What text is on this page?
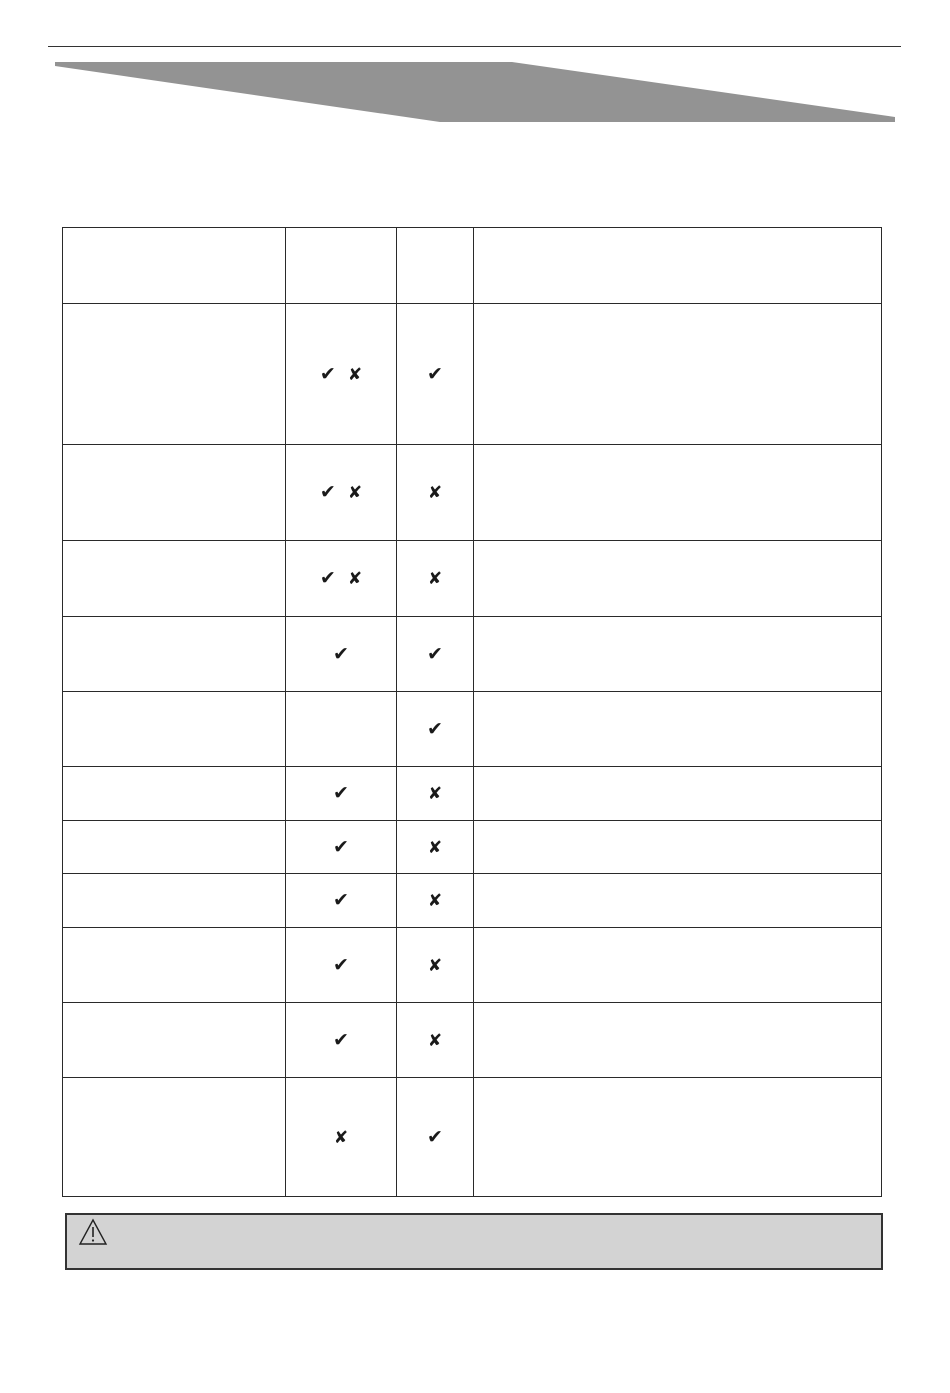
	✔ ✘	✔	
	✔ ✘	✘	
	✔ ✘	✘	
	✔	✔	
		✔	
	✔	✘	
	✔	✘	
	✔	✘	
	✔	✘	
	✔	✘	
	✘	✔	
